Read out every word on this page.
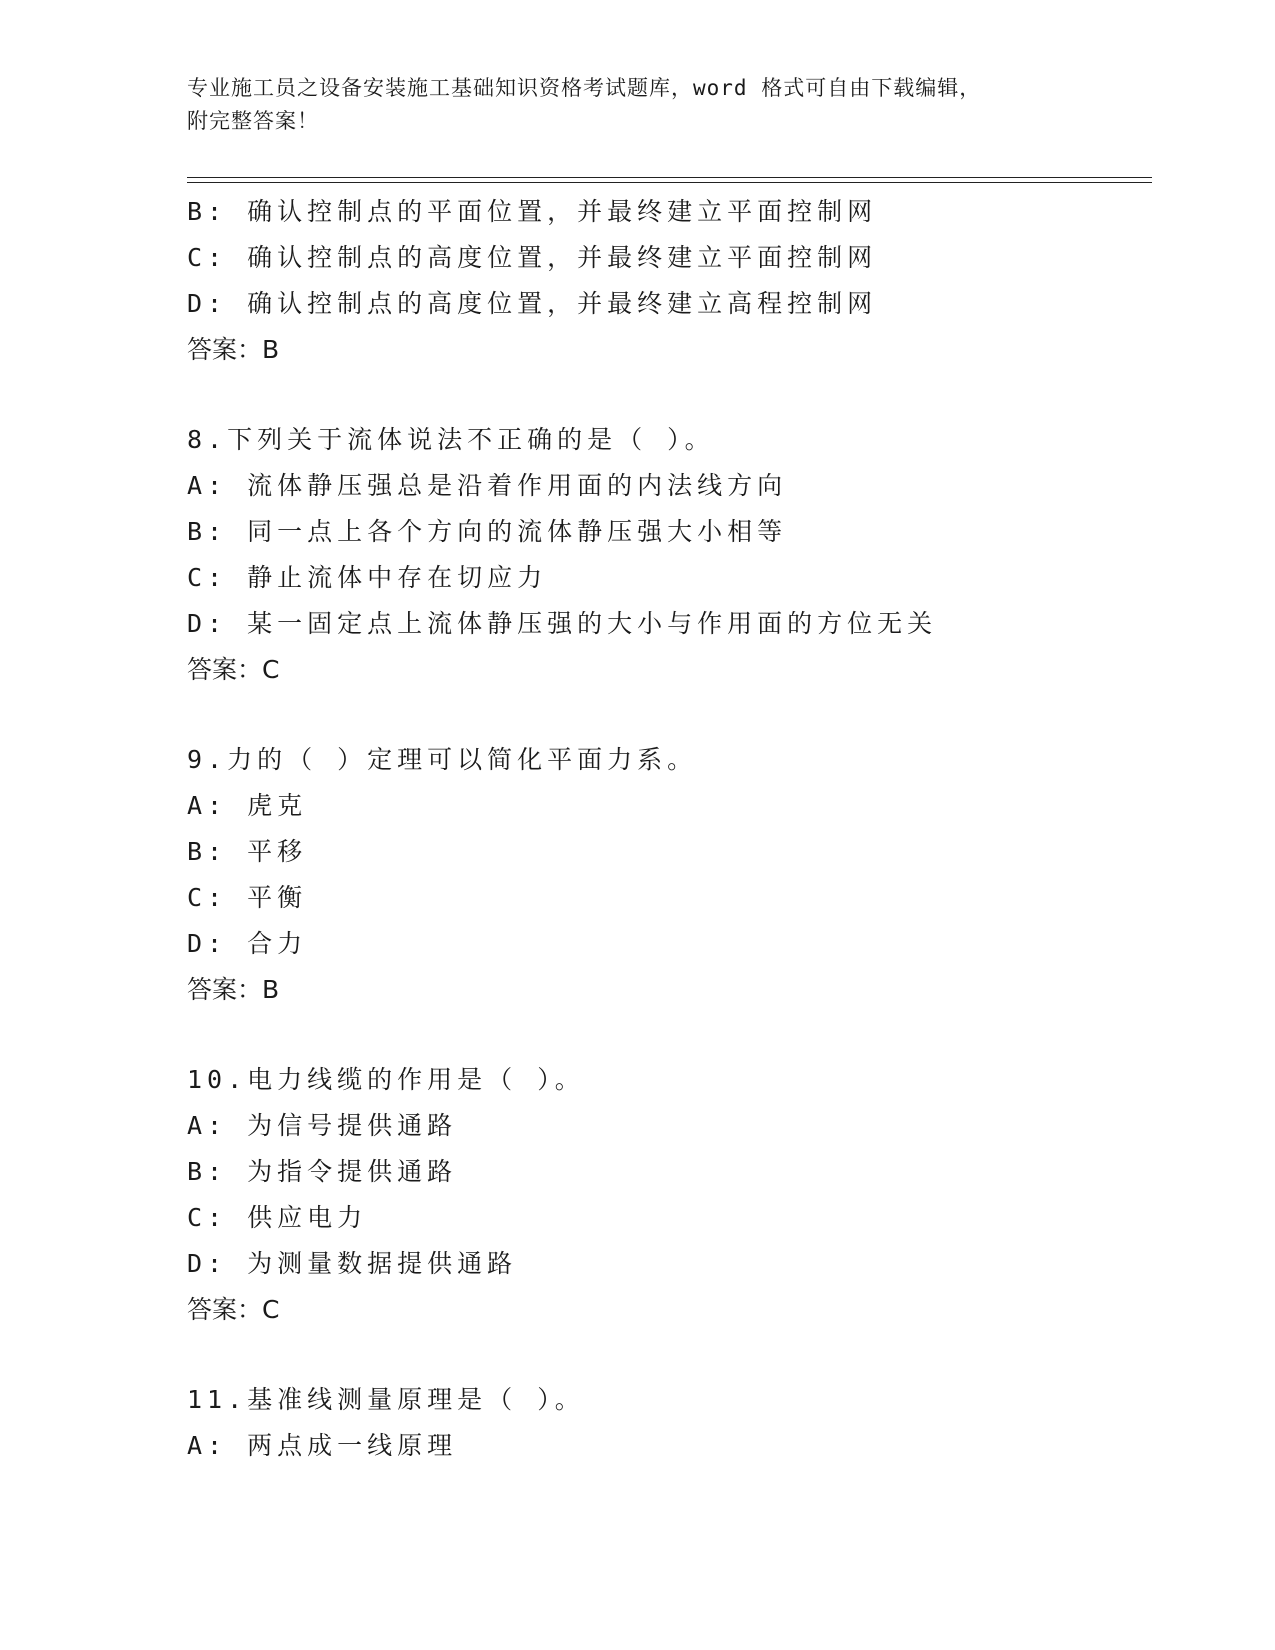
专业施工员之设备安装施工基础知识资格考试题库，word 格式可自由下载编辑，
附完整答案！
B: 确认控制点的平面位置，并最终建立平面控制网
C: 确认控制点的高度位置，并最终建立平面控制网
D: 确认控制点的高度位置，并最终建立高程控制网
答案：B
8.下列关于流体说法不正确的是（ ）。
A: 流体静压强总是沿着作用面的内法线方向
B: 同一点上各个方向的流体静压强大小相等
C: 静止流体中存在切应力
D: 某一固定点上流体静压强的大小与作用面的方位无关
答案：C
9.力的（ ）定理可以简化平面力系。
A: 虎克
B: 平移
C: 平衡
D: 合力
答案：B
10.电力线缆的作用是（ ）。
A: 为信号提供通路
B: 为指令提供通路
C: 供应电力
D: 为测量数据提供通路
答案：C
11.基准线测量原理是（ ）。
A: 两点成一线原理
